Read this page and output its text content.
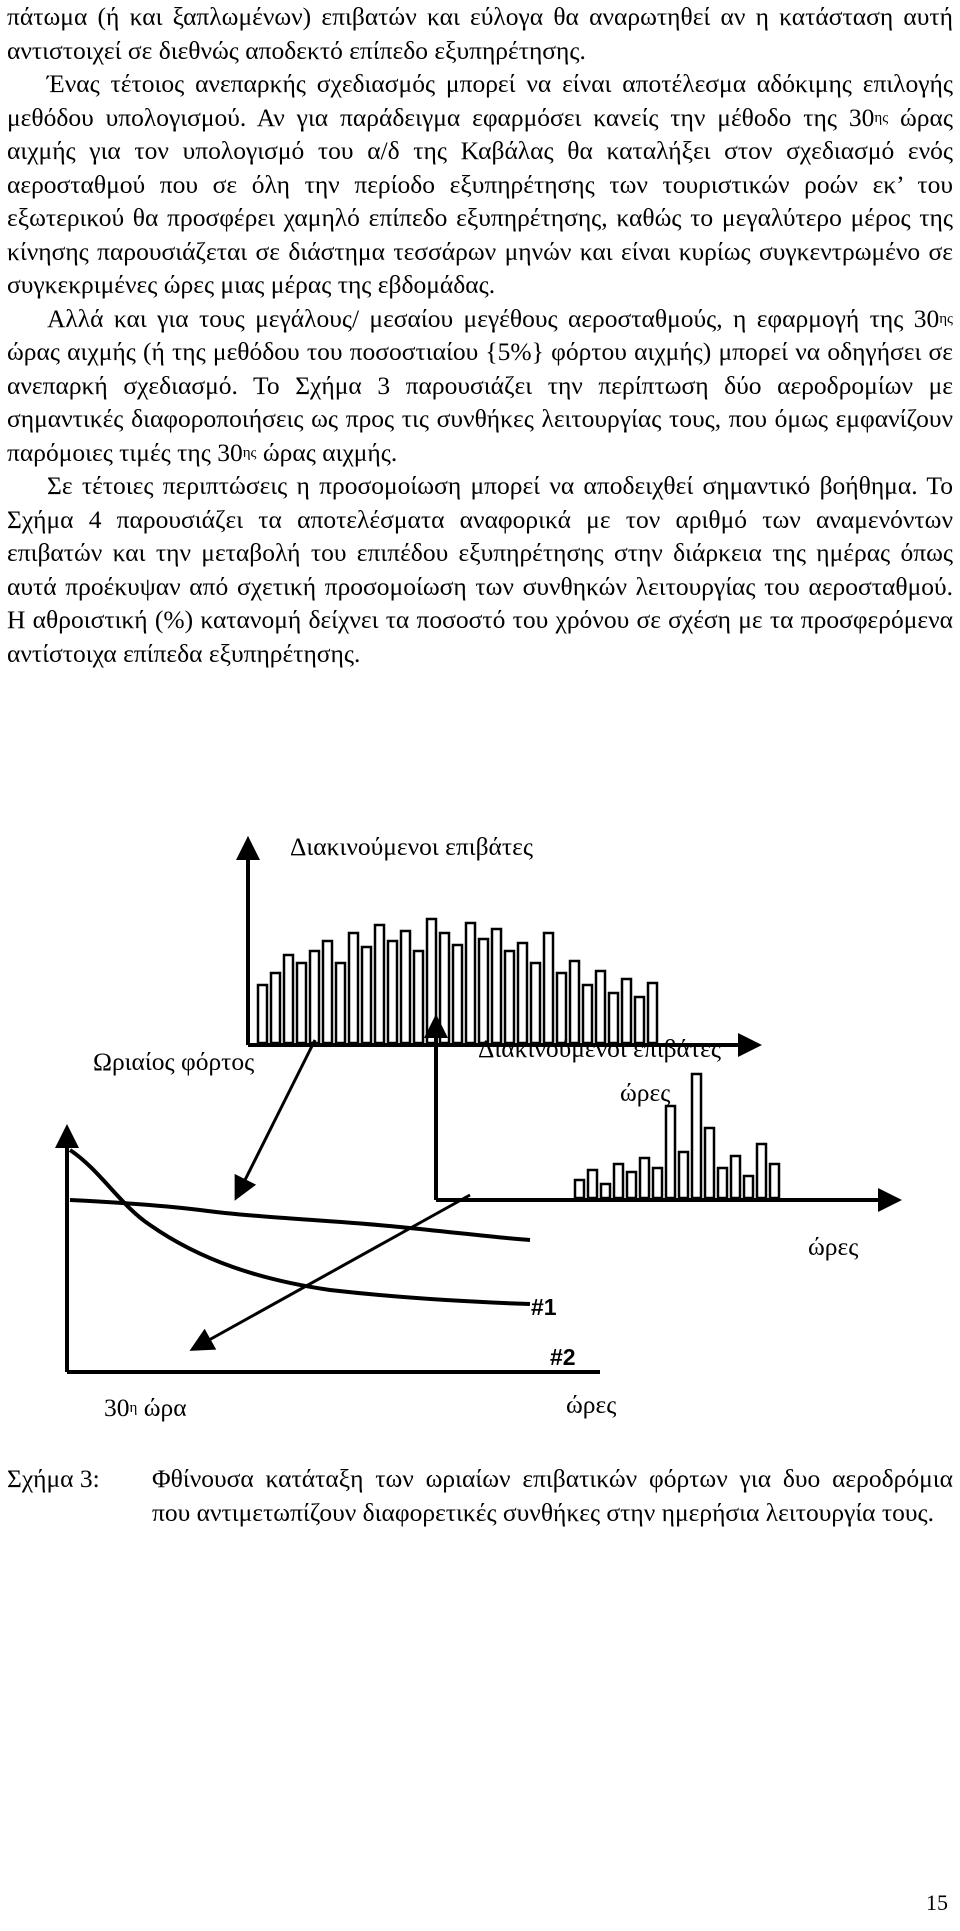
πάτωμα (ή και ξαπλωμένων) επιβατών και εύλογα θα αναρωτηθεί αν η κατάσταση αυτή αντιστοιχεί σε διεθνώς αποδεκτό επίπεδο εξυπηρέτησης.

Ένας τέτοιος ανεπαρκής σχεδιασμός μπορεί να είναι αποτέλεσμα αδόκιμης επιλογής μεθόδου υπολογισμού. Αν για παράδειγμα εφαρμόσει κανείς την μέθοδο της $30^{\eta\varsigma}$ ώρας αιχμής για τον υπολογισμό του α/δ της Καβάλας θα καταλήξει στον σχεδιασμό ενός αεροσταθμού που σε όλη την περίοδο εξυπηρέτησης των τουριστικών ροών εκ’ του εξωτερικού θα προσφέρει χαμηλό επίπεδο εξυπηρέτησης, καθώς το μεγαλύτερο μέρος της κίνησης παρουσιάζεται σε διάστημα τεσσάρων μηνών και είναι κυρίως συγκεντρωμένο σε συγκεκριμένες ώρες μιας μέρας της εβδομάδας.

Αλλά και για τους μεγάλους/ μεσαίου μεγέθους αεροσταθμούς, η εφαρμογή της $30^{\eta\varsigma}$ ώρας αιχμής (ή της μεθόδου του ποσοστιαίου {5%} φόρτου αιχμής) μπορεί να οδηγήσει σε ανεπαρκή σχεδιασμό. Το Σχήμα 3 παρουσιάζει την περίπτωση δύο αεροδρομίων με σημαντικές διαφοροποιήσεις ως προς τις συνθήκες λειτουργίας τους, που όμως εμφανίζουν παρόμοιες τιμές της $30^{\eta\varsigma}$ ώρας αιχμής.

Σε τέτοιες περιπτώσεις η προσομοίωση μπορεί να αποδειχθεί σημαντικό βοήθημα. Το Σχήμα 4 παρουσιάζει τα αποτελέσματα αναφορικά με τον αριθμό των αναμενόντων επιβατών και την μεταβολή του επιπέδου εξυπηρέτησης στην διάρκεια της ημέρας όπως αυτά προέκυψαν από σχετική προσομοίωση των συνθηκών λειτουργίας του αεροσταθμού. Η αθροιστική (%) κατανομή δείχνει τα ποσοστό του χρόνου σε σχέση με τα προσφερόμενα αντίστοιχα επίπεδα εξυπηρέτησης.

Διακινούμενοι επιβάτες
ώρες
Διακινούμενοι επιβάτες
ώρες
Ωριαίος φόρτος
#1
#2
$30^\eta$ ώρα	ώρες
Σχήμα 3: Φθίνουσα κατάταξη των ωριαίων επιβατικών φόρτων για δυο αεροδρόμια που αντιμετωπίζουν διαφορετικές συνθήκες στην ημερήσια λειτουργία τους.
15
